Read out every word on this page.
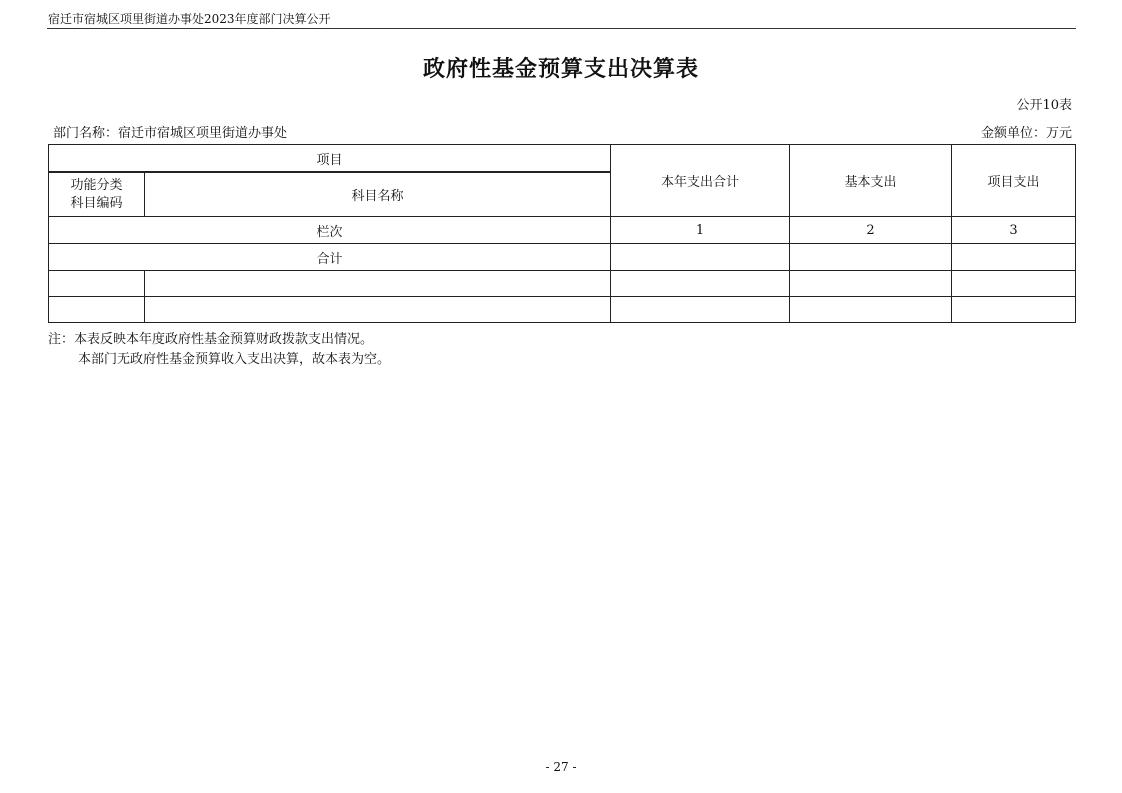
宿迁市宿城区项里街道办事处2023年度部门决算公开
政府性基金预算支出决算表
公开10表
部门名称：宿迁市宿城区项里街道办事处	金额单位：万元
项目		本年支出合计	基本支出	项目支出
功能分类
科目编码	科目名称			
栏次		1	2	3
合计				

注：本表反映本年度政府性基金预算财政拨款支出情况。
本部门无政府性基金预算收入支出决算，故本表为空。
- 27 -
